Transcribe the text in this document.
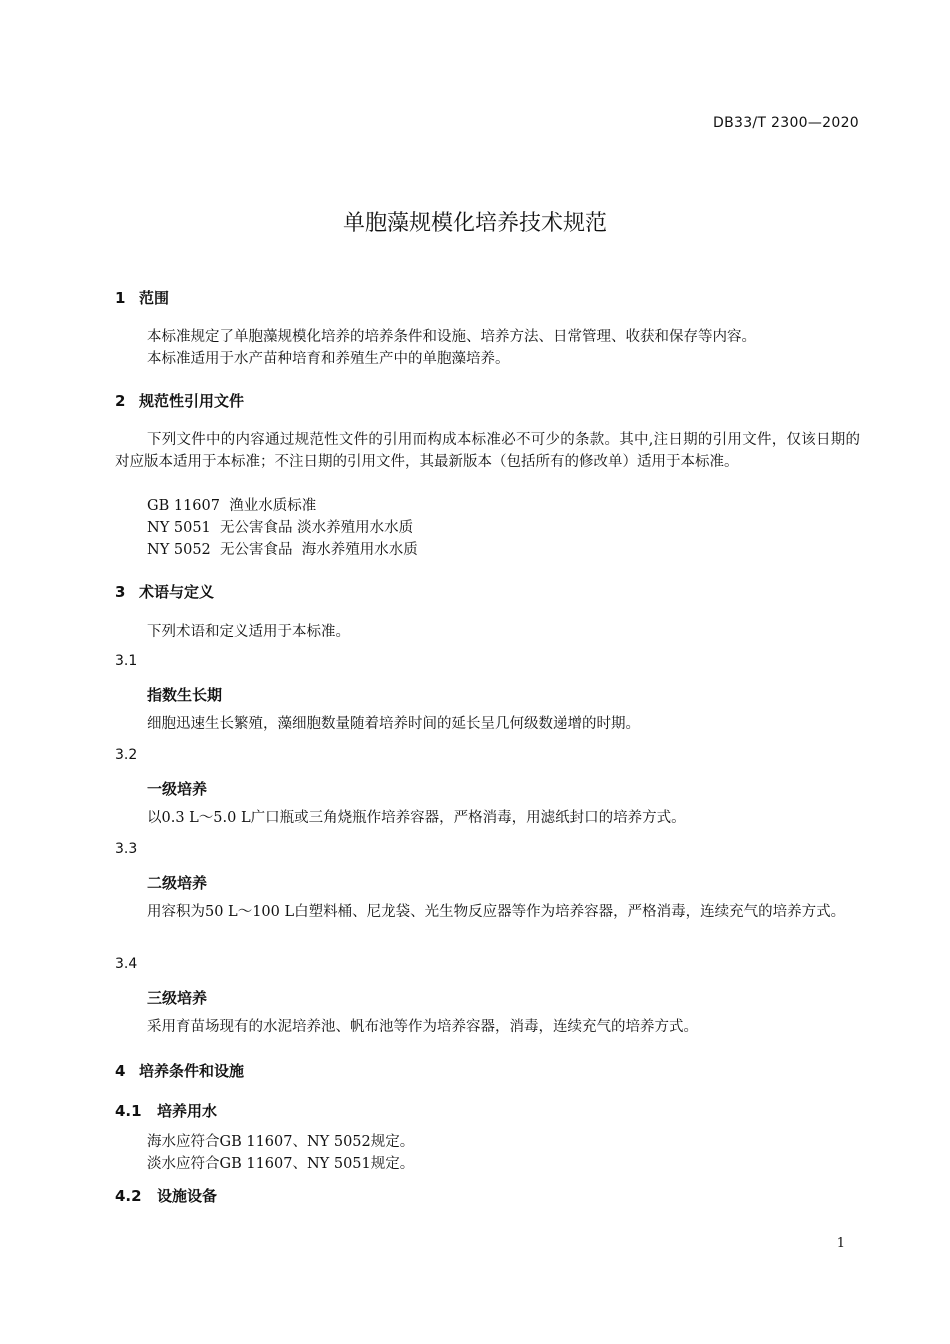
DB33/T 2300—2020
单胞藻规模化培养技术规范
1 范围
本标准规定了单胞藻规模化培养的培养条件和设施、培养方法、日常管理、收获和保存等内容。
本标准适用于水产苗种培育和养殖生产中的单胞藻培养。
2 规范性引用文件
下列文件中的内容通过规范性文件的引用而构成本标准必不可少的条款。其中,注日期的引用文件，仅该日期的对应版本适用于本标准；不注日期的引用文件，其最新版本（包括所有的修改单）适用于本标准。
GB 11607  渔业水质标准
NY 5051  无公害食品 淡水养殖用水水质
NY 5052  无公害食品  海水养殖用水水质
3 术语与定义
下列术语和定义适用于本标准。
3.1
指数生长期
细胞迅速生长繁殖，藻细胞数量随着培养时间的延长呈几何级数递增的时期。
3.2
一级培养
以0.3 L～5.0 L广口瓶或三角烧瓶作培养容器，严格消毒，用滤纸封口的培养方式。
3.3
二级培养
用容积为50 L～100 L白塑料桶、尼龙袋、光生物反应器等作为培养容器，严格消毒，连续充气的培养方式。
3.4
三级培养
采用育苗场现有的水泥培养池、帆布池等作为培养容器，消毒，连续充气的培养方式。
4 培养条件和设施
4.1 培养用水
海水应符合GB 11607、NY 5052规定。
淡水应符合GB 11607、NY 5051规定。
4.2 设施设备
1
